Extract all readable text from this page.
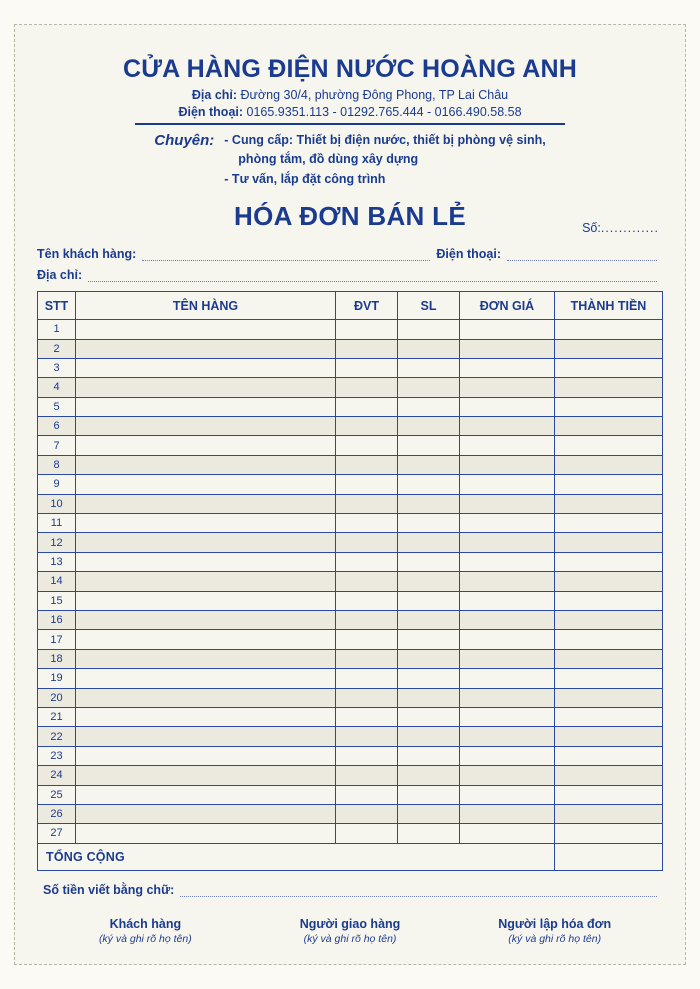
CỬA HÀNG ĐIỆN NƯỚC HOÀNG ANH
Địa chỉ: Đường 30/4, phường Đông Phong, TP Lai Châu
Điện thoại: 0165.9351.113 - 01292.765.444 - 0166.490.58.58
Chuyên: - Cung cấp: Thiết bị điện nước, thiết bị phòng vệ sinh,
phòng tắm, đồ dùng xây dựng
- Tư vấn, lắp đặt công trình
HÓA ĐƠN BÁN LẺ	Số:.............
Tên khách hàng:	Điện thoại:
Địa chỉ:
STT	TÊN HÀNG	ĐVT	SL	ĐƠN GIÁ	THÀNH TIỀN
1					
2					
3					
4					
5					
6					
7					
8					
9					
10					
11					
12					
13					
14					
15					
16					
17					
18					
19					
20					
21					
22					
23					
24					
25					
26					
27					
TỔNG CỘNG					
Số tiền viết bằng chữ:
Khách hàng
(ký và ghi rõ họ tên)
Người giao hàng
(ký và ghi rõ họ tên)
Người lập hóa đơn
(ký và ghi rõ họ tên)
